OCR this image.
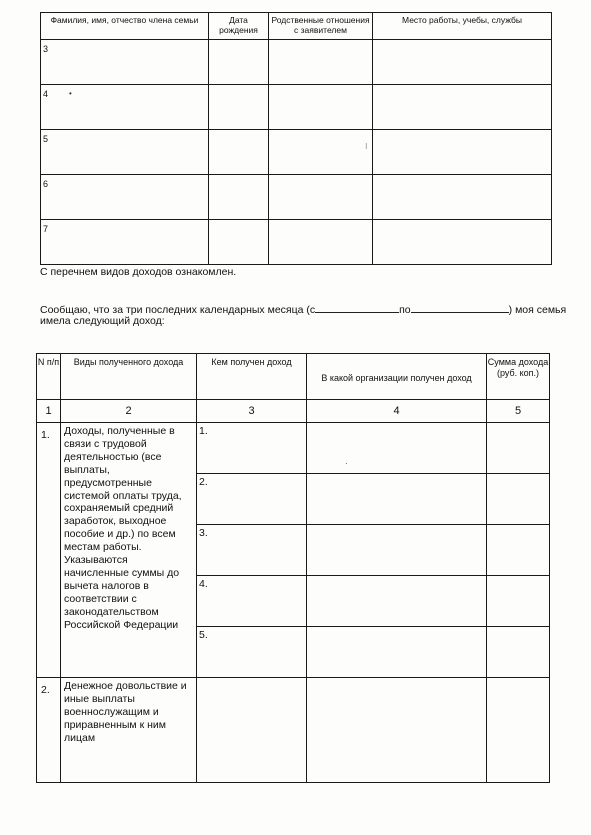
Фамилия, имя, отчество члена семьи	Дата рождения	Родственные отношения с заявителем	Место работы, учебы, службы
3			
4			
5			
6			
7			
С перечнем видов доходов ознакомлен.
Сообщаю, что за три последних календарных месяца (с	по	) моя семья
имела следующий доход:
N п/п	Виды полученного дохода	Кем получен доход	В какой организации получен доход	Сумма дохода (руб. коп.)
1	2	3	4	5
1.	Доходы, полученные в связи с трудовой деятельностью (все выплаты, предусмотренные системой оплаты труда, сохраняемый средний заработок, выходное пособие и др.) по всем местам работы. Указываются начисленные суммы до вычета налогов в соответствии с законодательством Российской Федерации	1.		
		2.		
		3.		
		4.		
		5.		
2.	Денежное довольствие и иные выплаты военнослужащим и приравненным к ним лицам			
•
⁝
·
